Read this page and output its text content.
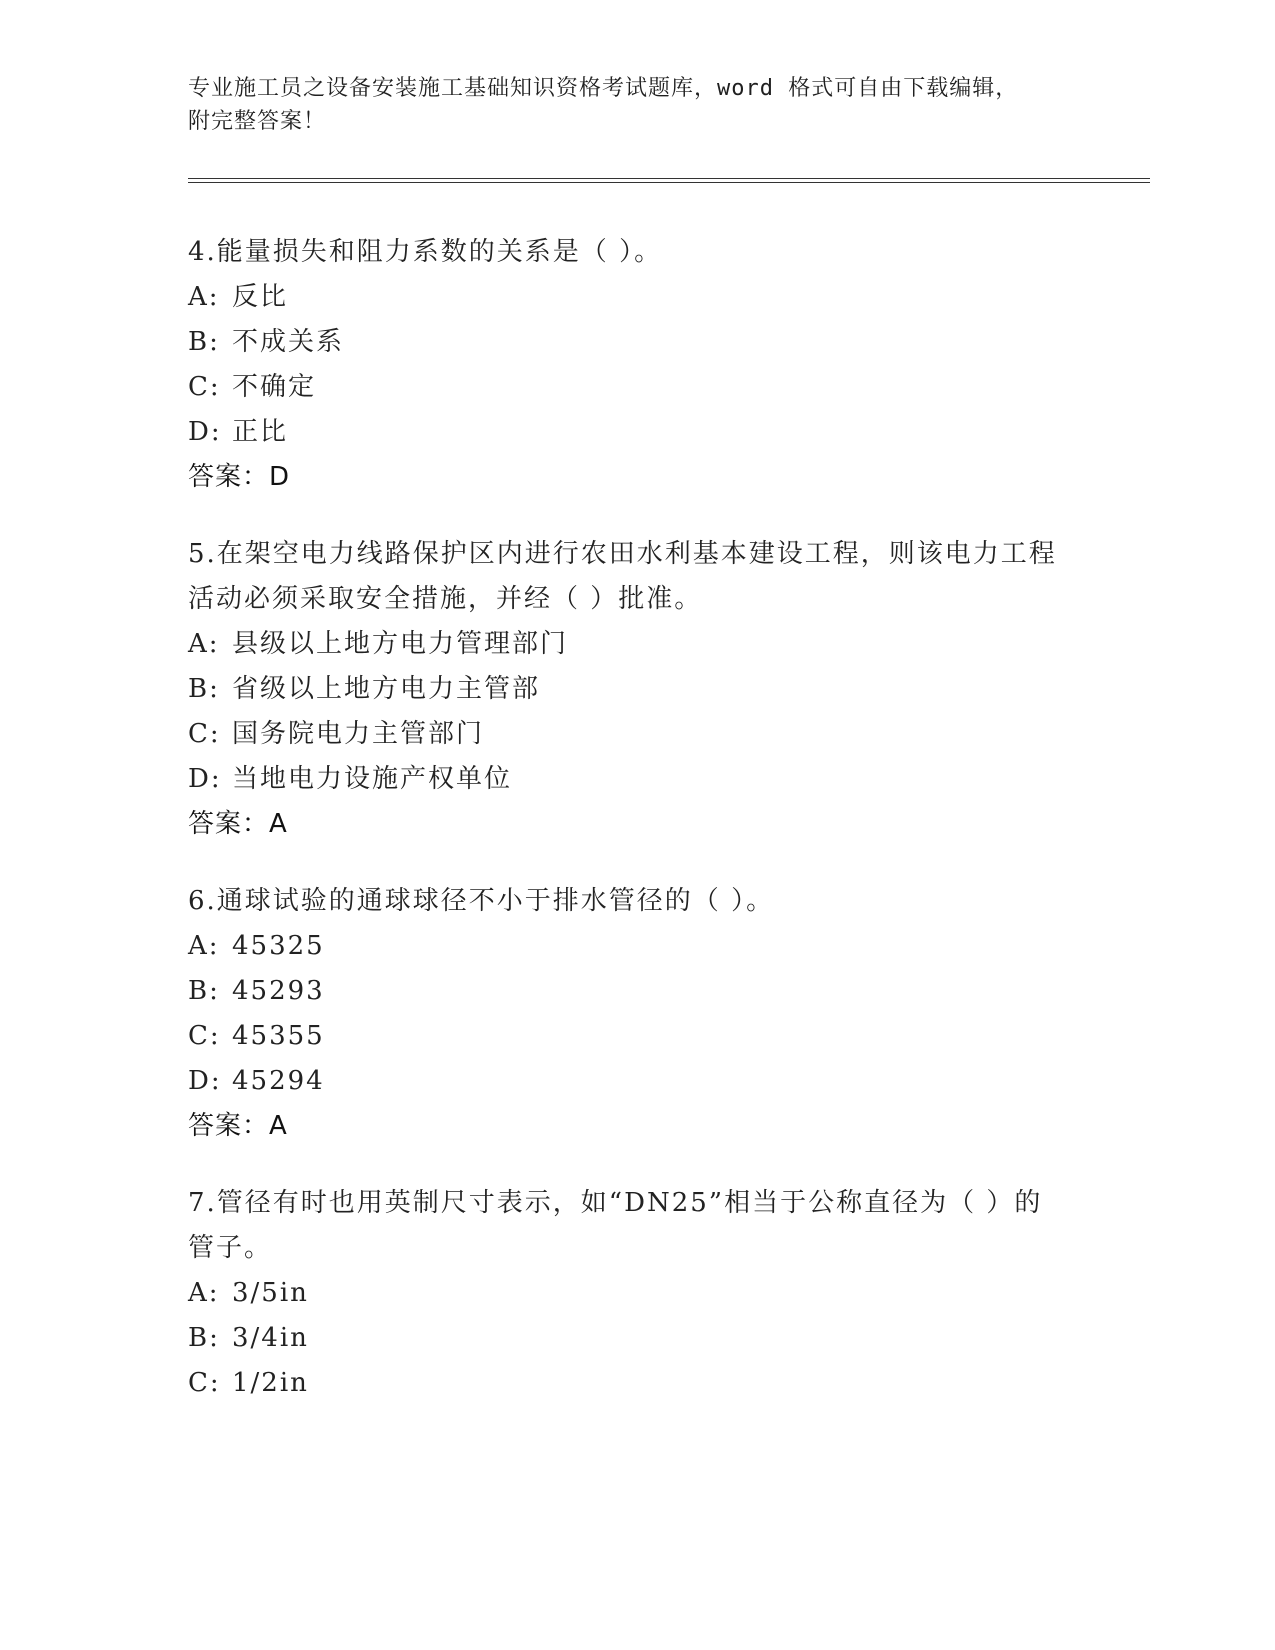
专业施工员之设备安装施工基础知识资格考试题库，word 格式可自由下载编辑，
附完整答案！
4.能量损失和阻力系数的关系是（ ）。
A: 反比
B: 不成关系
C: 不确定
D: 正比
答案：D
5.在架空电力线路保护区内进行农田水利基本建设工程，则该电力工程活动必须采取安全措施，并经（ ）批准。
A: 县级以上地方电力管理部门
B: 省级以上地方电力主管部
C: 国务院电力主管部门
D: 当地电力设施产权单位
答案：A
6.通球试验的通球球径不小于排水管径的（ ）。
A: 45325
B: 45293
C: 45355
D: 45294
答案：A
7.管径有时也用英制尺寸表示，如“DN25”相当于公称直径为（ ）的管子。
A: 3/5in
B: 3/4in
C: 1/2in
